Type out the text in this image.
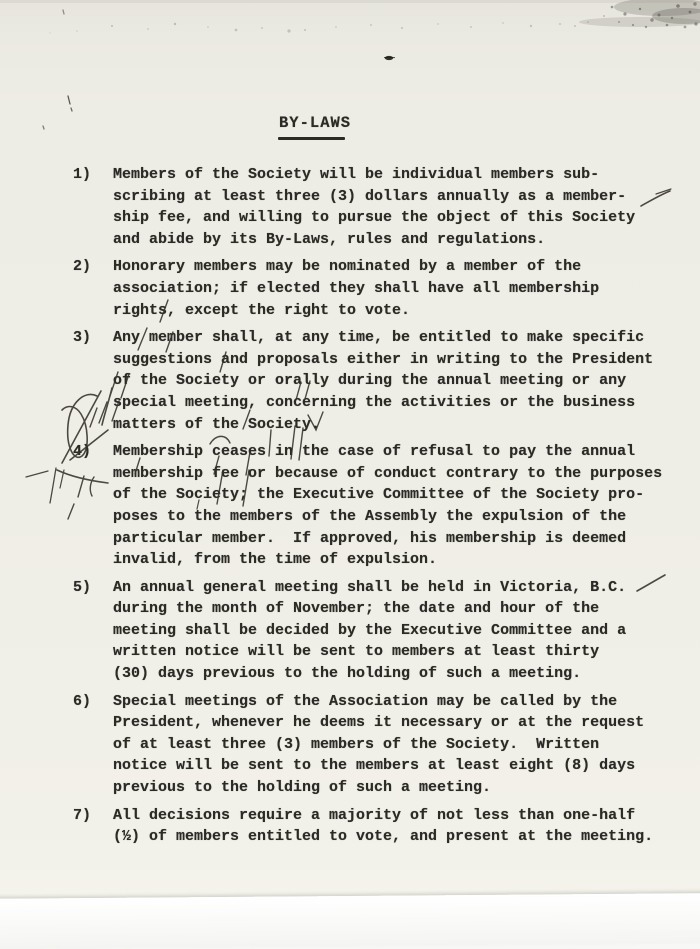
BY-LAWS
1)	Members of the Society will be individual members sub-
scribing at least three (3) dollars annually as a member-
ship fee, and willing to pursue the object of this Society
and abide by its By-Laws, rules and regulations.
2)	Honorary members may be nominated by a member of the
association; if elected they shall have all membership
rights, except the right to vote.
3)	Any member shall, at any time, be entitled to make specific
suggestions and proposals either in writing to the President
of the Society or orally during the annual meeting or any
special meeting, concerning the activities or the business
matters of the Society.
4)	Membership ceases in the case of refusal to pay the annual
membership fee or because of conduct contrary to the purposes
of the Society; the Executive Committee of the Society pro-
poses to the members of the Assembly the expulsion of the
particular member.  If approved, his membership is deemed
invalid, from the time of expulsion.
5)	An annual general meeting shall be held in Victoria, B.C.
during the month of November; the date and hour of the
meeting shall be decided by the Executive Committee and a
written notice will be sent to members at least thirty
(30) days previous to the holding of such a meeting.
6)	Special meetings of the Association may be called by the
President, whenever he deems it necessary or at the request
of at least three (3) members of the Society.  Written
notice will be sent to the members at least eight (8) days
previous to the holding of such a meeting.
7)	All decisions require a majority of not less than one-half
(½) of members entitled to vote, and present at the meeting.
